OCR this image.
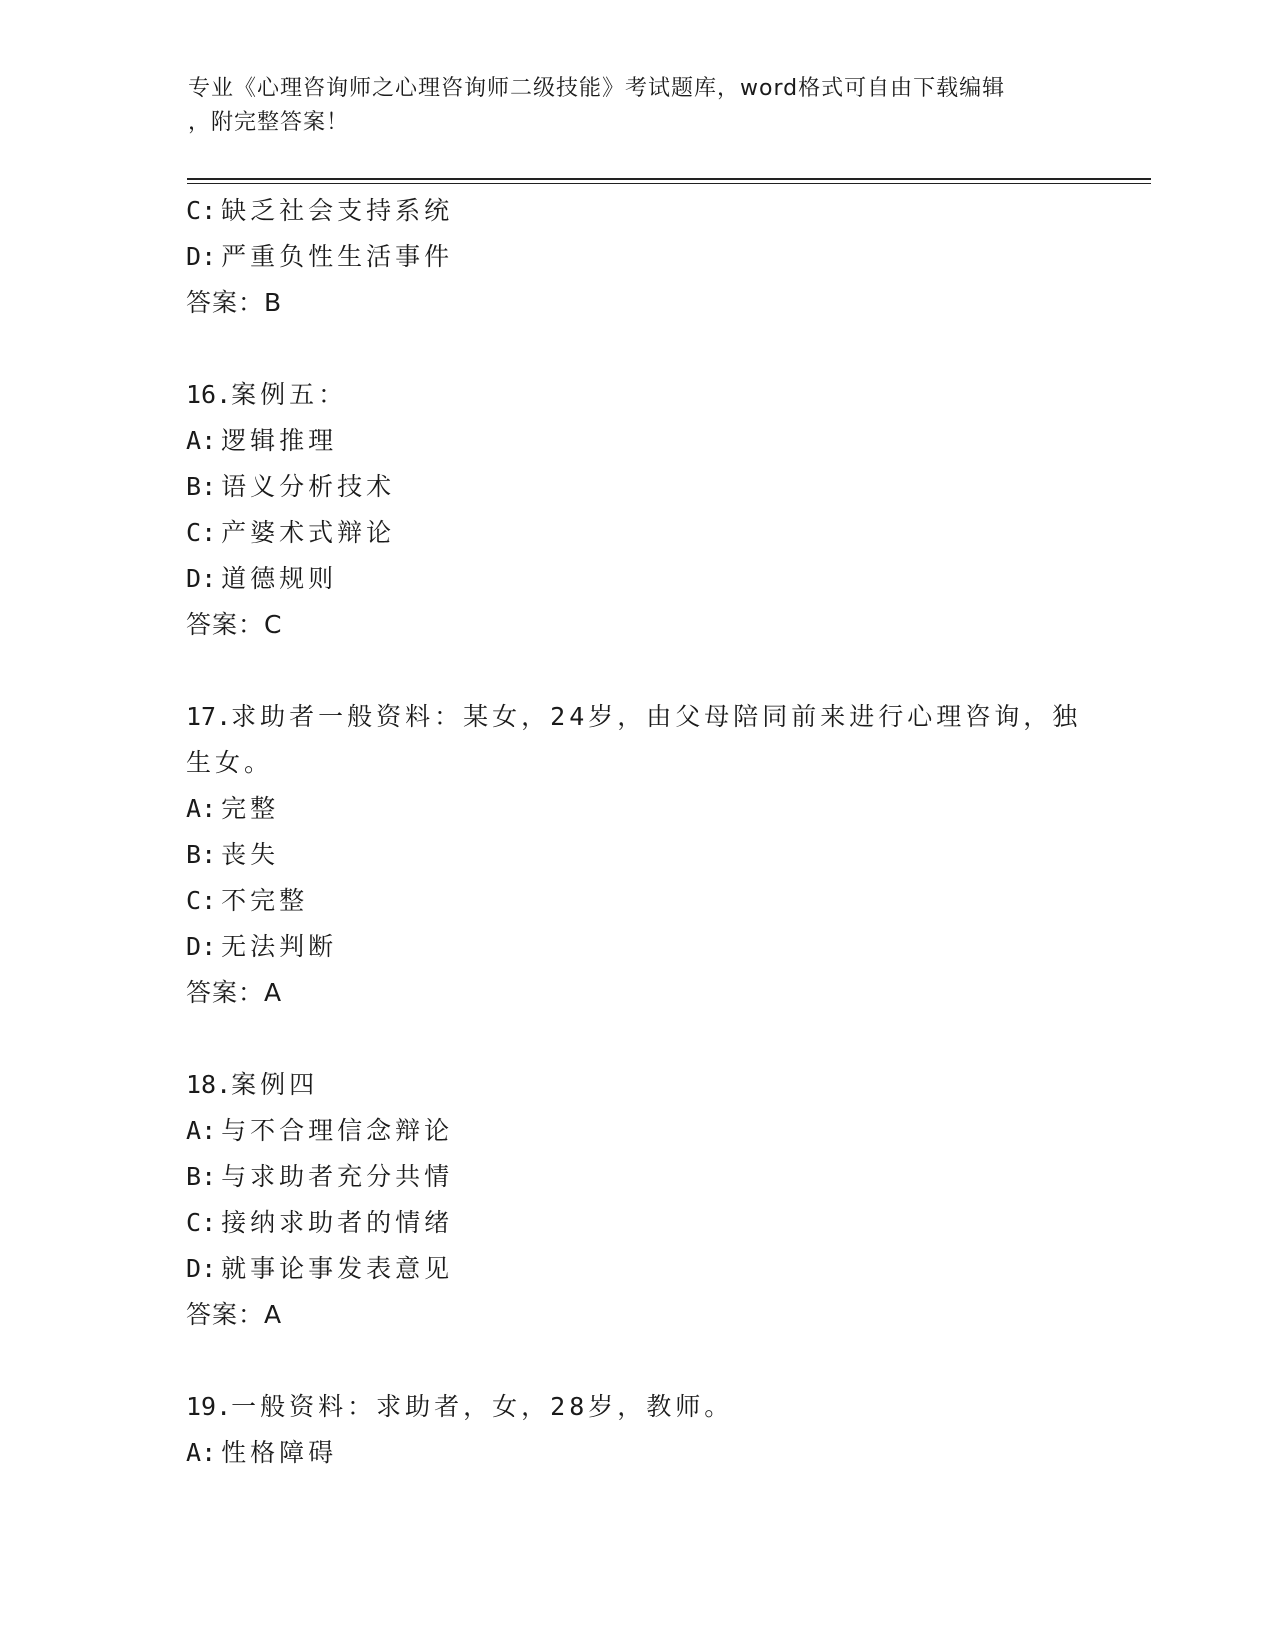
专业《心理咨询师之心理咨询师二级技能》考试题库，word格式可自由下载编辑
，附完整答案！
C: 缺乏社会支持系统
D: 严重负性生活事件
答案：B
16.案例五：
A: 逻辑推理
B: 语义分析技术
C: 产婆术式辩论
D: 道德规则
答案：C
17.求助者一般资料：某女，24岁，由父母陪同前来进行心理咨询，独
生女。
A: 完整
B: 丧失
C: 不完整
D: 无法判断
答案：A
18.案例四
A: 与不合理信念辩论
B: 与求助者充分共情
C: 接纳求助者的情绪
D: 就事论事发表意见
答案：A
19.一般资料：求助者，女，28岁，教师。
A: 性格障碍
